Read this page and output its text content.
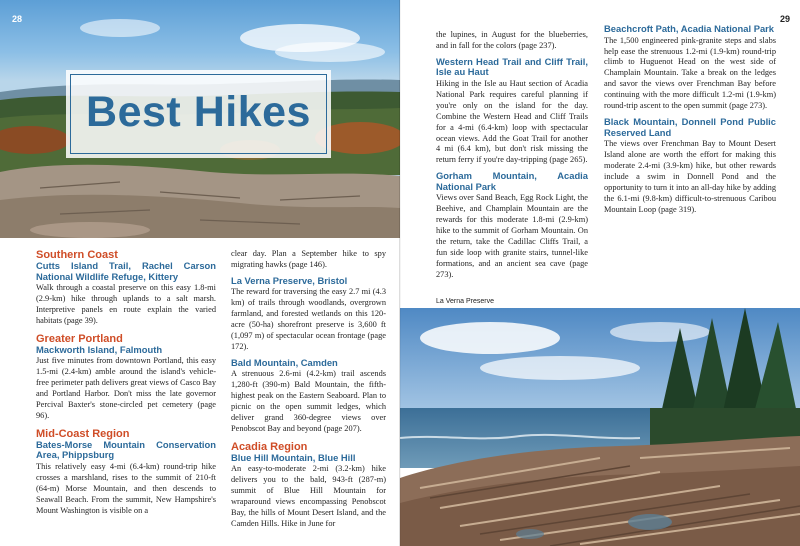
28
Best Hikes
Southern Coast
Cutts Island Trail, Rachel Carson National Wildlife Refuge, Kittery

Walk through a coastal preserve on this easy 1.8-mi (2.9-km) hike through uplands to a salt marsh. Interpretive panels en route explain the varied habitats (page 39).

Greater Portland
Mackworth Island, Falmouth

Just five minutes from downtown Portland, this easy 1.5-mi (2.4-km) amble around the island's vehicle-free perimeter path delivers great views of Casco Bay and Portland Harbor. Don't miss the late governor Percival Baxter's stone-circled pet cemetery (page 96).

Mid-Coast Region
Bates-Morse Mountain Conservation Area, Phippsburg

This relatively easy 4-mi (6.4-km) round-trip hike crosses a marshland, rises to the summit of 210-ft (64-m) Morse Mountain, and then descends to Seawall Beach. From the summit, New Hampshire's Mount Washington is visible on a

clear day. Plan a September hike to spy migrating hawks (page 146).

La Verna Preserve, Bristol

The reward for traversing the easy 2.7 mi (4.3 km) of trails through woodlands, overgrown farmland, and forested wetlands on this 120-acre (50-ha) shorefront preserve is 3,600 ft (1,097 m) of spectacular ocean frontage (page 172).

Bald Mountain, Camden

A strenuous 2.6-mi (4.2-km) trail ascends 1,280-ft (390-m) Bald Mountain, the fifth-highest peak on the Eastern Seaboard. Plan to picnic on the open summit ledges, which deliver grand 360-degree views over Penobscot Bay and beyond (page 207).

Acadia Region
Blue Hill Mountain, Blue Hill

An easy-to-moderate 2-mi (3.2-km) hike delivers you to the bald, 943-ft (287-m) summit of Blue Hill Mountain for wraparound views encompassing Penobscot Bay, the hills of Mount Desert Island, and the Camden Hills. Hike in June for

29

the lupines, in August for the blueberries, and in fall for the colors (page 237).

Western Head Trail and Cliff Trail, Isle au Haut

Hiking in the Isle au Haut section of Acadia National Park requires careful planning if you're only on the island for the day. Combine the Western Head and Cliff Trails for a 4-mi (6.4-km) loop with spectacular ocean views. Add the Goat Trail for another 4 mi (6.4 km), but don't risk missing the return ferry if you're day-tripping (page 265).

Gorham Mountain, Acadia National Park

Views over Sand Beach, Egg Rock Light, the Beehive, and Champlain Mountain are the rewards for this moderate 1.8-mi (2.9-km) hike to the summit of Gorham Mountain. On the return, take the Cadillac Cliffs Trail, a fun side loop with granite stairs, tunnel-like formations, and an ancient sea cave (page 273).

Beachcroft Path, Acadia National Park

The 1,500 engineered pink-granite steps and slabs help ease the strenuous 1.2-mi (1.9-km) round-trip climb to Huguenot Head on the west side of Champlain Mountain. Take a break on the ledges and savor the views over Frenchman Bay before continuing with the more difficult 1.2-mi (1.9-km) round-trip ascent to the open summit (page 273).

Black Mountain, Donnell Pond Public Reserved Land

The views over Frenchman Bay to Mount Desert Island alone are worth the effort for making this moderate 2.4-mi (3.9-km) hike, but other rewards include a swim in Donnell Pond and the opportunity to turn it into an all-day hike by adding the 6.1-mi (9.8-km) difficult-to-strenuous Caribou Mountain Loop (page 319).

La Verna Preserve
